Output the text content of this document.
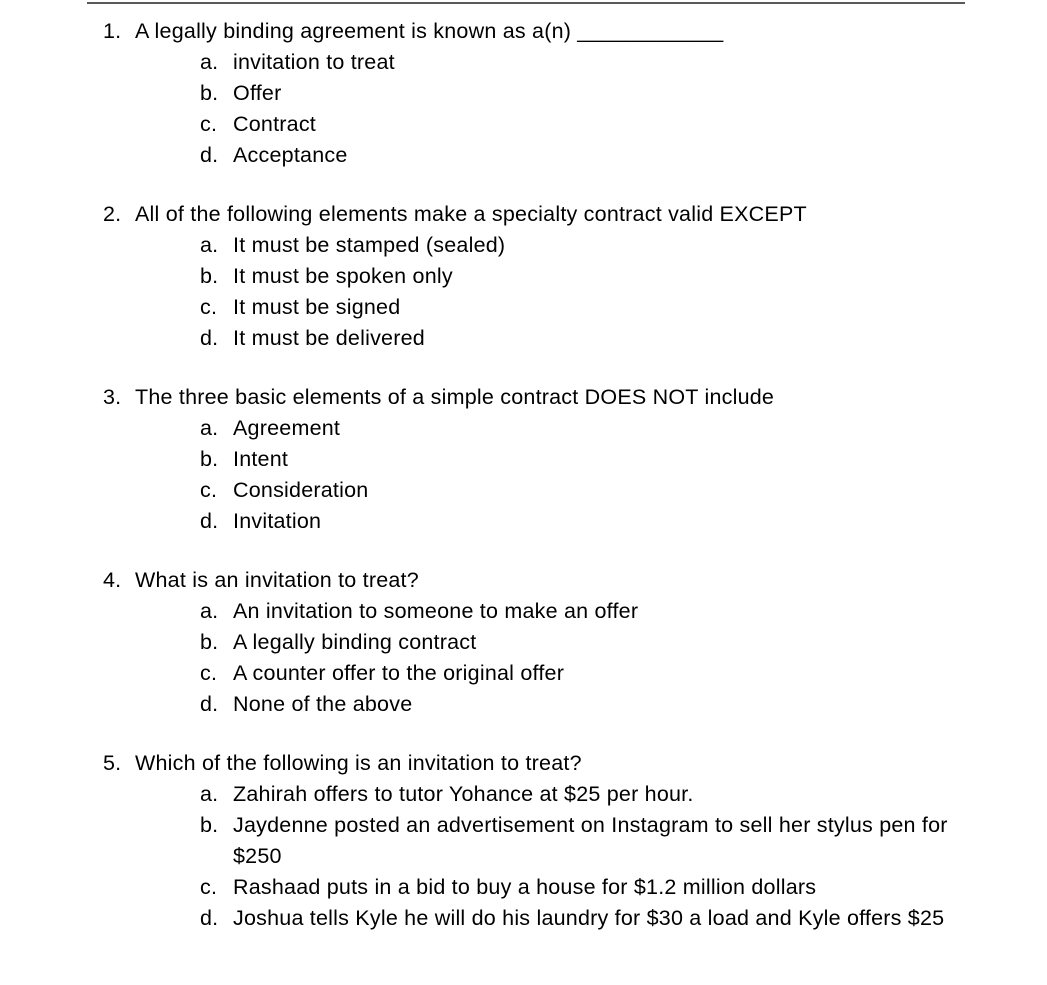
1. A legally binding agreement is known as a(n) ____________
a. invitation to treat
b. Offer
c. Contract
d. Acceptance
2. All of the following elements make a specialty contract valid EXCEPT
a. It must be stamped (sealed)
b. It must be spoken only
c. It must be signed
d. It must be delivered
3. The three basic elements of a simple contract DOES NOT include
a. Agreement
b. Intent
c. Consideration
d. Invitation
4. What is an invitation to treat?
a. An invitation to someone to make an offer
b. A legally binding contract
c. A counter offer to the original offer
d. None of the above
5. Which of the following is an invitation to treat?
a. Zahirah offers to tutor Yohance at $25 per hour.
b. Jaydenne posted an advertisement on Instagram to sell her stylus pen for $250
c. Rashaad puts in a bid to buy a house for $1.2 million dollars
d. Joshua tells Kyle he will do his laundry for $30 a load and Kyle offers $25
